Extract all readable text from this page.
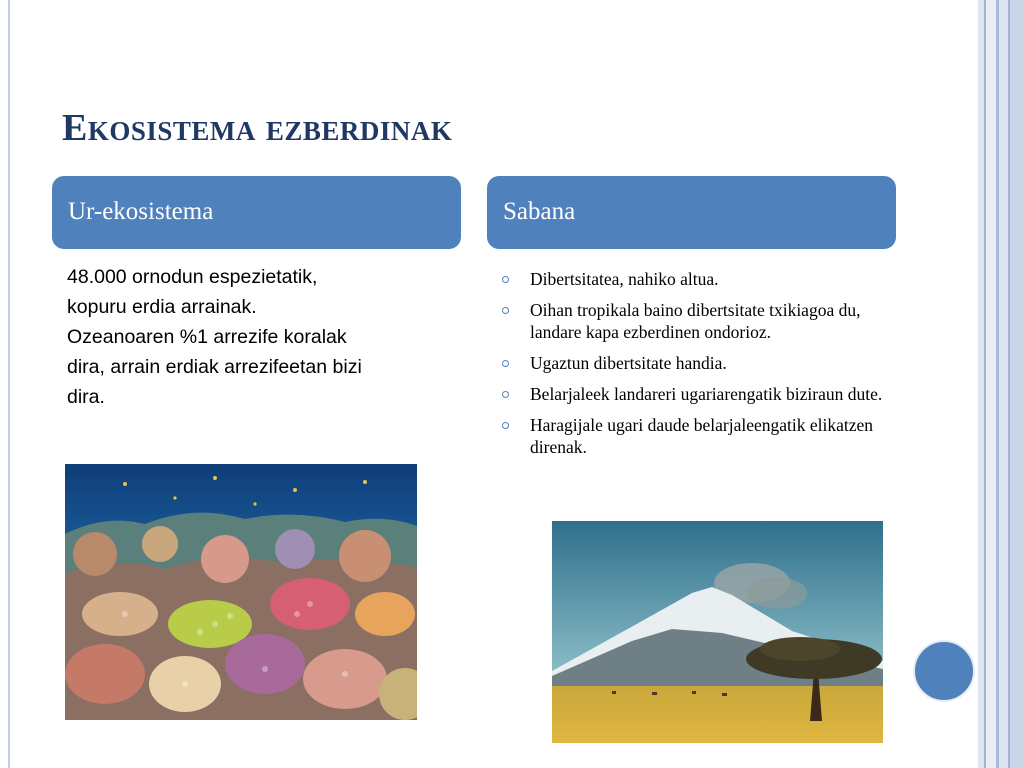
Ekosistema ezberdinak
Ur-ekosistema	Sabana

48.000 ornodun espezietatik, kopuru erdia arrainak.

Ozeanoaren %1 arrezife koralak dira, arrain erdiak arrezifeetan bizi dira.

Dibertsitatea, nahiko altua.
Oihan tropikala baino dibertsitate txikiagoa du, landare kapa ezberdinen ondorioz.
Ugaztun dibertsitate handia.
Belarjaleek landareri ugariarengatik biziraun dute.
Haragijale ugari daude belarjaleengatik elikatzen direnak.
